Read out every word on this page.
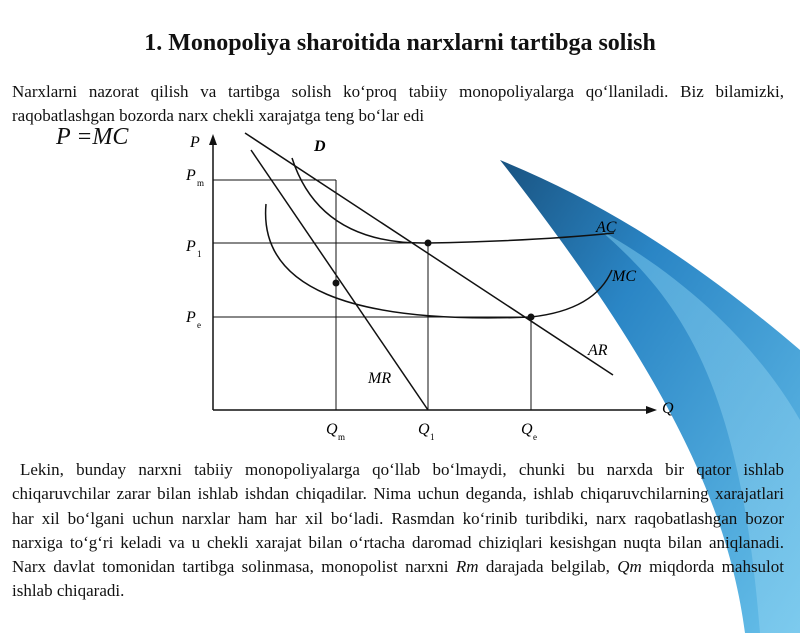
1. Monopoliya sharoitida narxlarni tartibga solish
Narxlarni nazorat qilish va tartibga solish ko‘proq tabiiy monopoliyalarga qo‘llaniladi. Biz bilamizki, raqobatlashgan bozorda narx chekli xarajatga teng bo‘lar edi
P =MC	P
Q
D
AC
MC
AR
MR
P m
P 1
P e
Q m	Q 1	Q e
Lekin, bunday narxni tabiiy monopoliyalarga qo‘llab bo‘lmaydi, chunki bu narxda bir qator ishlab chiqaruvchilar zarar bilan ishlab ishdan chiqadilar. Nima uchun deganda, ishlab chiqaruvchilarning xarajatlari har xil bo‘lgani uchun narxlar ham har xil bo‘ladi. Rasmdan ko‘rinib turibdiki, narx raqobatlashgan bozor narxiga to‘g‘ri keladi va u chekli xarajat bilan o‘rtacha daromad chiziqlari kesishgan nuqta bilan aniqlanadi. Narx davlat tomonidan tartibga solinmasa, monopolist narxni Rm darajada belgilab, Qm miqdorda mahsulot ishlab chiqaradi.
